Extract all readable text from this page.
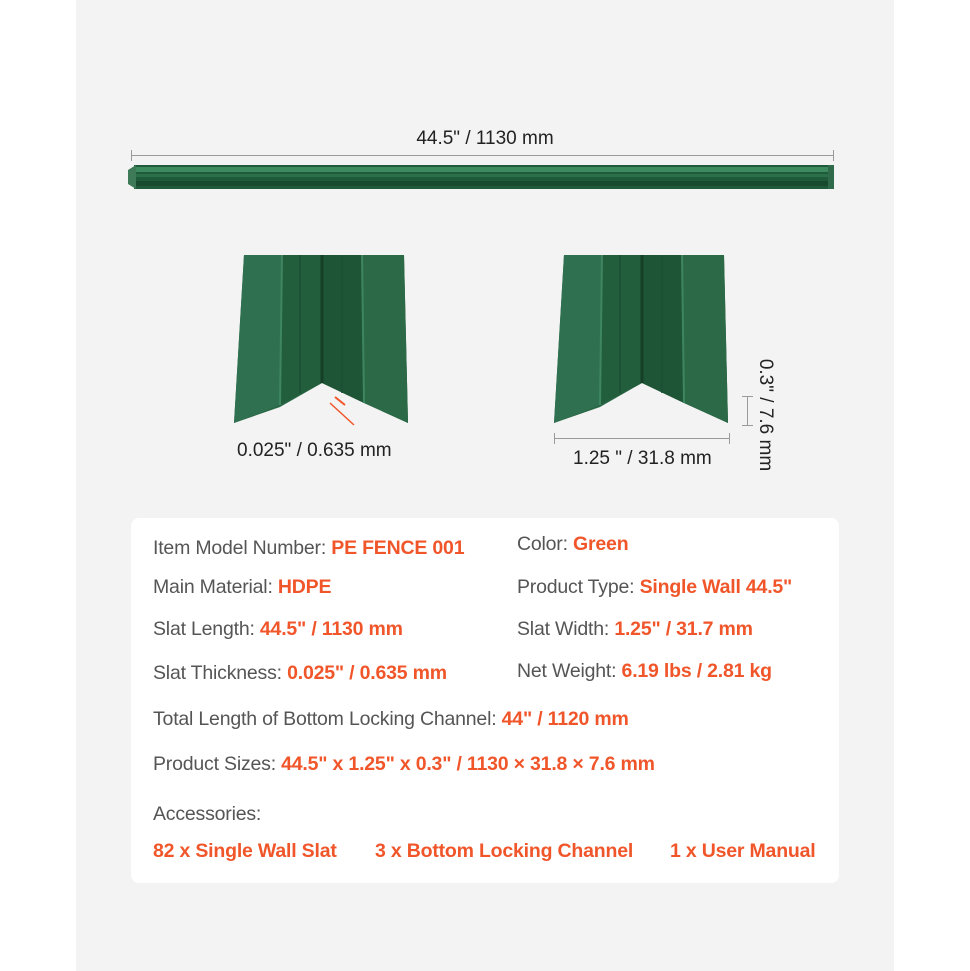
44.5" / 1130 mm
0.025" / 0.635 mm	1.25 " / 31.8 mm 0.3" / 7.6 mm
Item Model Number: PE FENCE 001	Color: Green
Main Material: HDPE	Product Type: Single Wall 44.5"
Slat Length: 44.5" / 1130 mm	Slat Width: 1.25" / 31.7 mm
Slat Thickness: 0.025" / 0.635 mm	Net Weight: 6.19 lbs / 2.81 kg
Total Length of Bottom Locking Channel: 44" / 1120 mm
Product Sizes: 44.5" x 1.25" x 0.3" / 1130 × 31.8 × 7.6 mm
Accessories:
82 x Single Wall Slat 3 x Bottom Locking Channel 1 x User Manual
